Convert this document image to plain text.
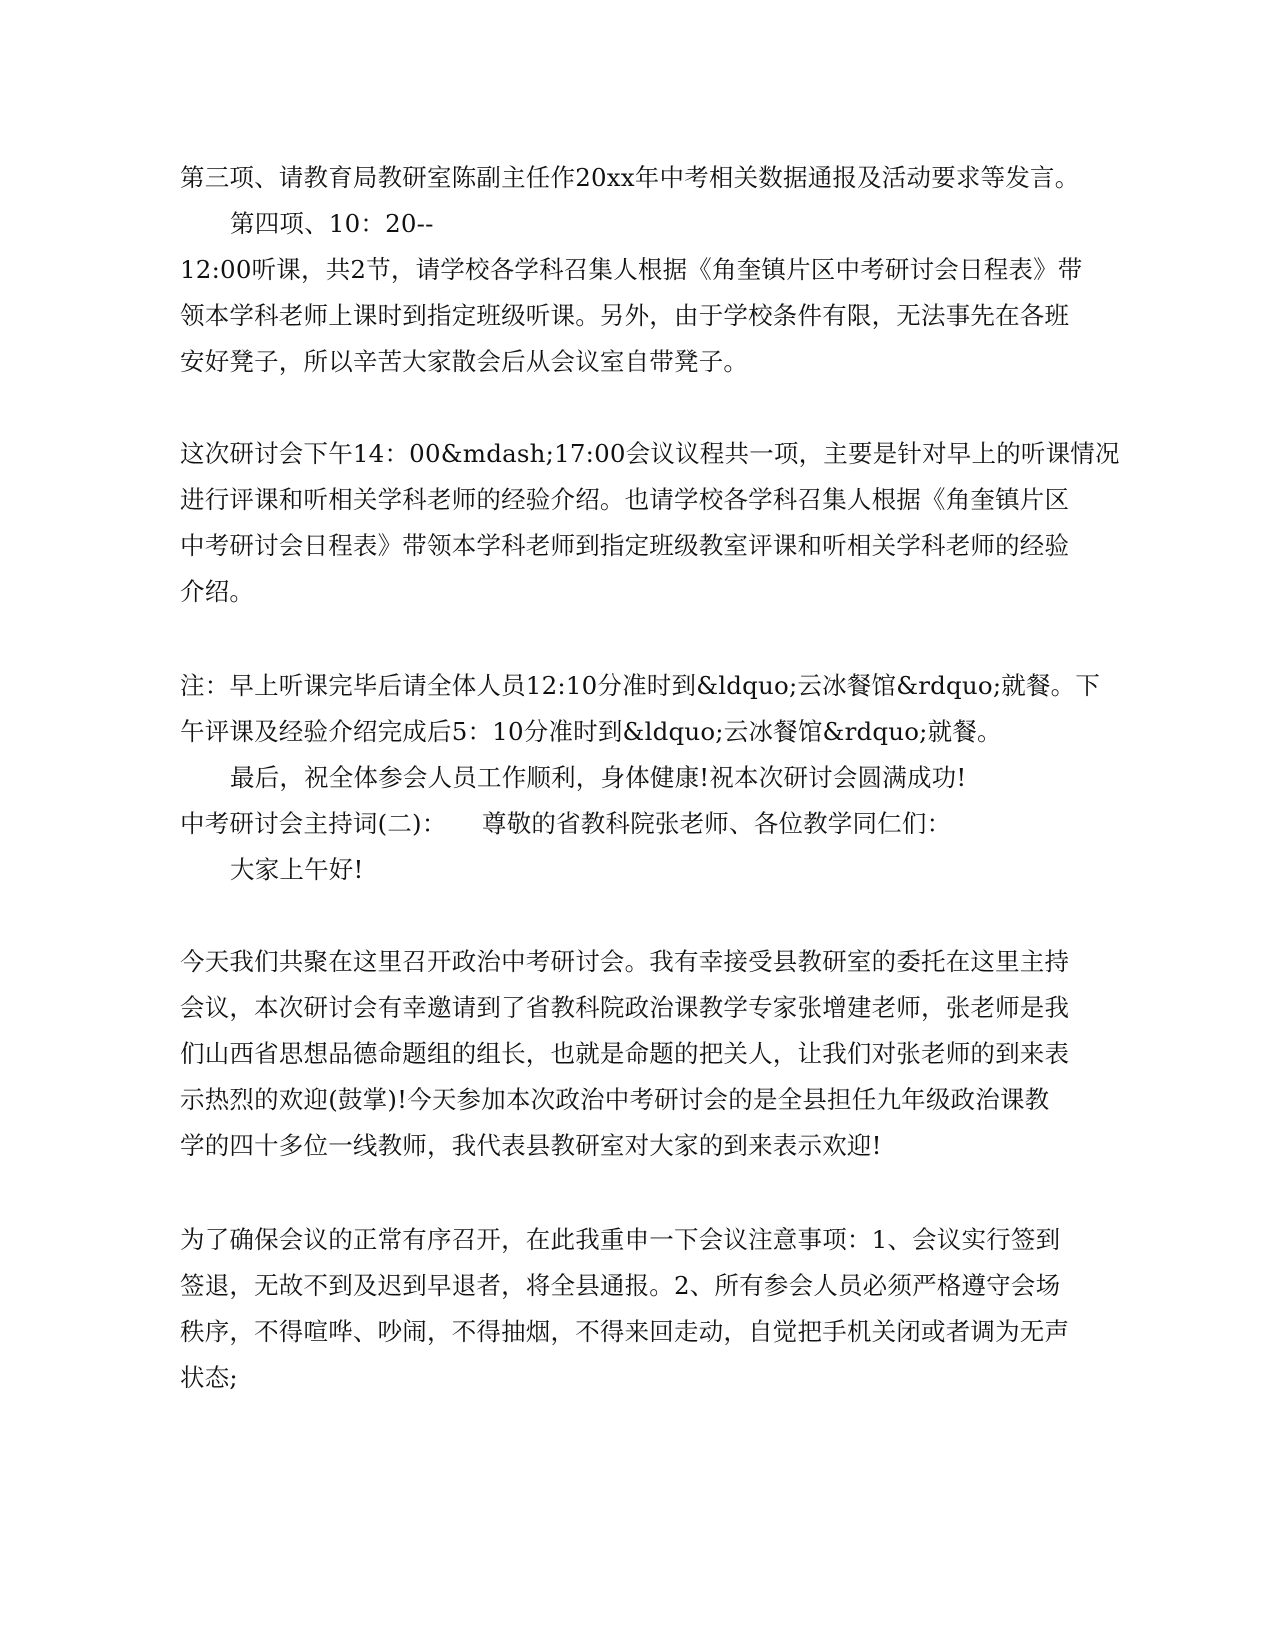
第三项、请教育局教研室陈副主任作20xx年中考相关数据通报及活动要求等发言。
第四项、10：20--
12:00听课，共2节，请学校各学科召集人根据《角奎镇片区中考研讨会日程表》带
领本学科老师上课时到指定班级听课。另外，由于学校条件有限，无法事先在各班
安好凳子，所以辛苦大家散会后从会议室自带凳子。
这次研讨会下午14：00&mdash;17:00会议议程共一项，主要是针对早上的听课情况
进行评课和听相关学科老师的经验介绍。也请学校各学科召集人根据《角奎镇片区
中考研讨会日程表》带领本学科老师到指定班级教室评课和听相关学科老师的经验
介绍。
注：早上听课完毕后请全体人员12:10分准时到&ldquo;云冰餐馆&rdquo;就餐。下
午评课及经验介绍完成后5：10分准时到&ldquo;云冰餐馆&rdquo;就餐。
最后，祝全体参会人员工作顺利，身体健康!祝本次研讨会圆满成功!
中考研讨会主持词(二)： 尊敬的省教科院张老师、各位教学同仁们：
大家上午好!
今天我们共聚在这里召开政治中考研讨会。我有幸接受县教研室的委托在这里主持
会议，本次研讨会有幸邀请到了省教科院政治课教学专家张增建老师，张老师是我
们山西省思想品德命题组的组长，也就是命题的把关人，让我们对张老师的到来表
示热烈的欢迎(鼓掌)!今天参加本次政治中考研讨会的是全县担任九年级政治课教
学的四十多位一线教师，我代表县教研室对大家的到来表示欢迎!
为了确保会议的正常有序召开，在此我重申一下会议注意事项：1、会议实行签到
签退，无故不到及迟到早退者，将全县通报。2、所有参会人员必须严格遵守会场
秩序，不得喧哗、吵闹，不得抽烟，不得来回走动，自觉把手机关闭或者调为无声
状态;
